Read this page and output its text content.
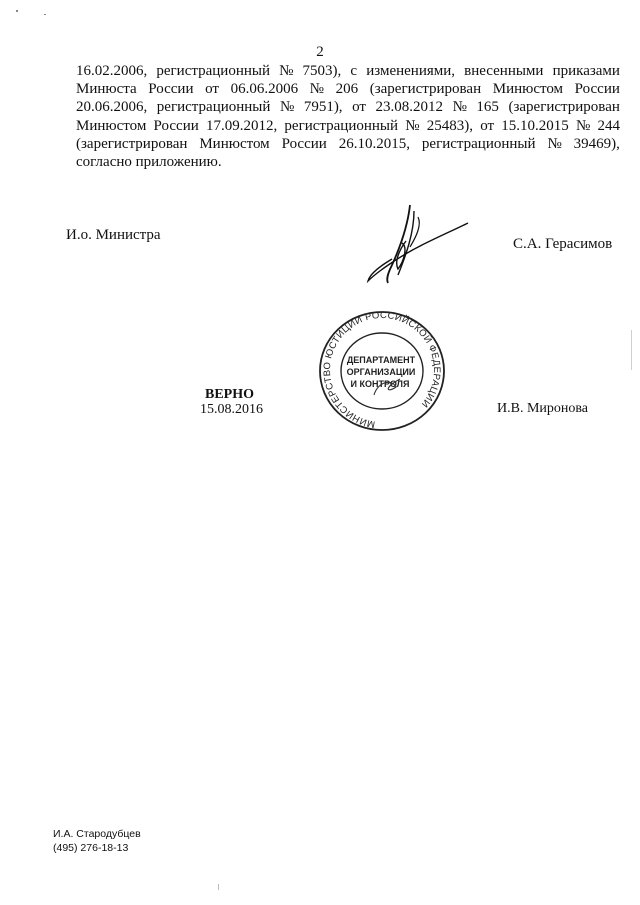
2
16.02.2006, регистрационный № 7503), с изменениями, внесенными приказами
Минюста России от 06.06.2006 № 206 (зарегистрирован Минюстом России
20.06.2006, регистрационный № 7951), от 23.08.2012 № 165 (зарегистрирован
Минюстом России 17.09.2012, регистрационный № 25483), от 15.10.2015 № 244
(зарегистрирован Минюстом России 26.10.2015, регистрационный № 39469),
согласно приложению.
И.о. Министра
С.А. Герасимов
МИНИСТЕРСТВО ЮСТИЦИИ РОССИЙСКОЙ ФЕДЕРАЦИИ
ДЕПАРТАМЕНТ
ОРГАНИЗАЦИИ
И КОНТРОЛЯ
ВЕРНО
15.08.2016	И.В. Миронова
И.А. Стародубцев
(495) 276-18-13
